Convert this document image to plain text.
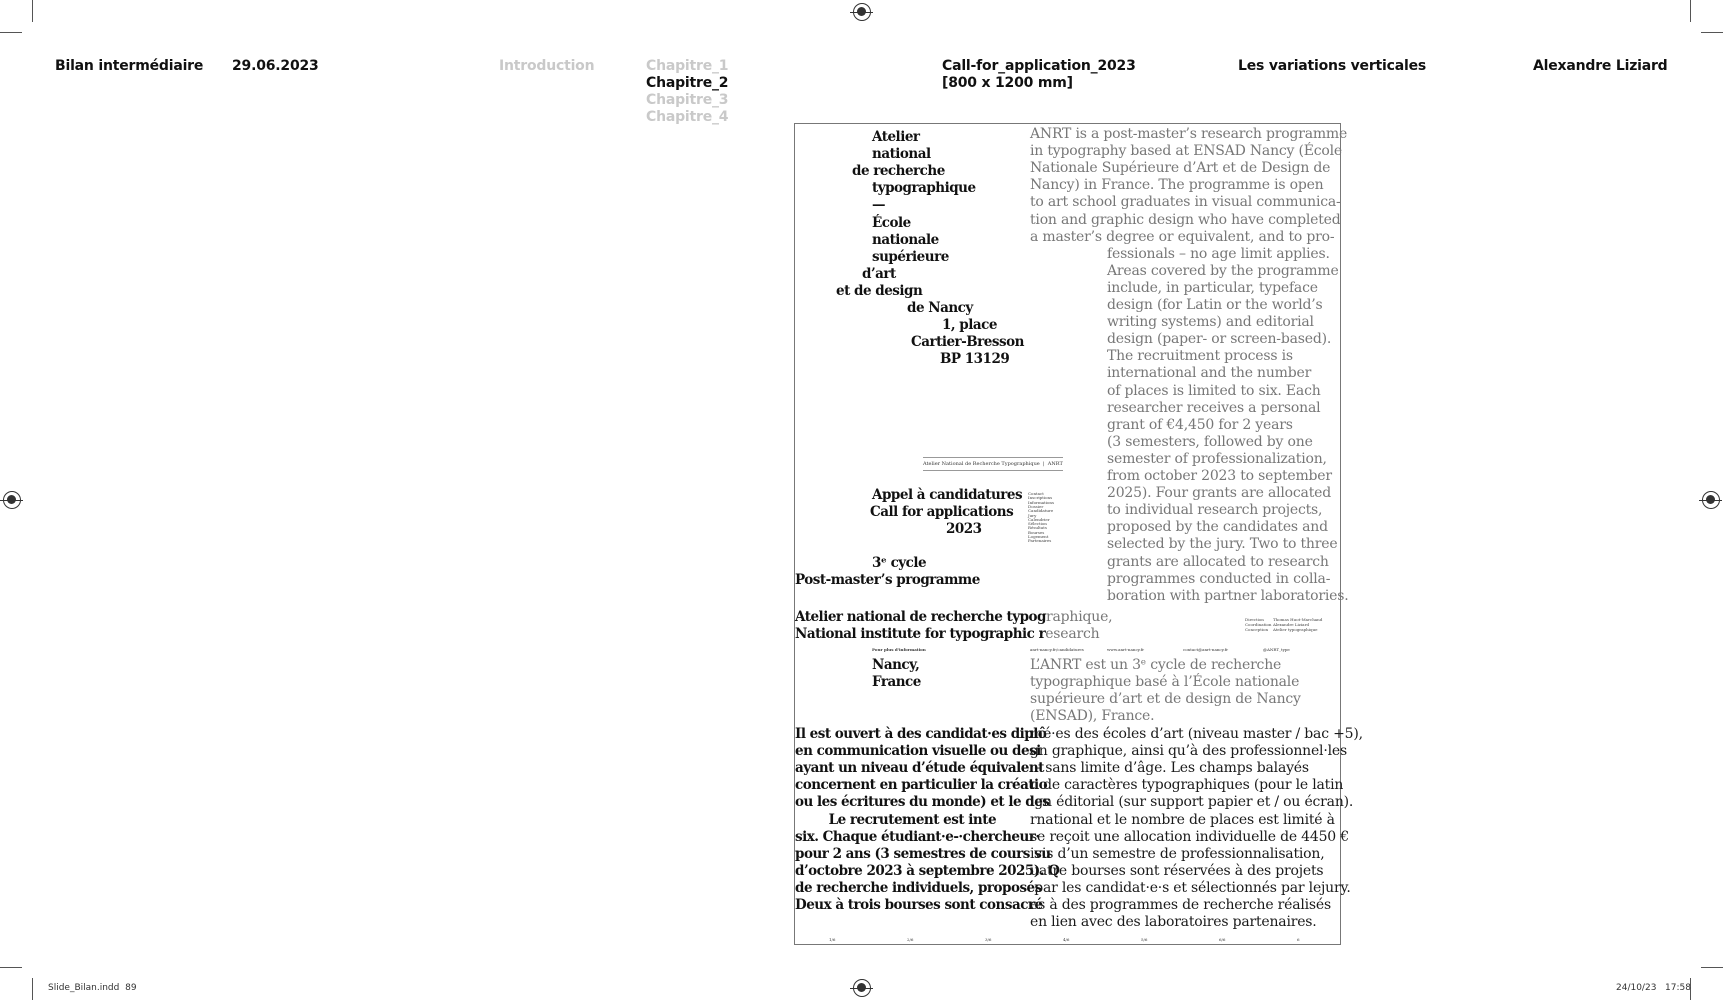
Bilan intermédiaire 29.06.2023	Introduction	Chapitre_1
Chapitre_2
Chapitre_3
Chapitre_4
Call-for_application_2023
[800 x 1200 mm]
Les variations verticales	Alexandre Liziard
Slide_Bilan.indd 89	24/10/23 17:58
Atelier
national
de recherche
typographique
—
École
nationale
supérieure
d’art
et de design
de Nancy
1, place
Cartier-Bresson
BP 13129
ANRT is a post-master’s research programme
in typography based at ENSAD Nancy (École
Nationale Supérieure d’Art et de Design de
Nancy) in France. The programme is open
to art school graduates in visual communica-
tion and graphic design who have completed
a master’s degree or equivalent, and to pro-
fessionals – no age limit applies.
Areas covered by the programme
include, in particular, typeface
design (for Latin or the world’s
writing systems) and editorial
design (paper- or screen-based).
The recruitment process is
international and the number
of places is limited to six. Each
researcher receives a personal
grant of €4,450 for 2 years
(3 semesters, followed by one
semester of professionalization,
from october 2023 to september
2025). Four grants are allocated
to individual research projects,
proposed by the candidates and
selected by the jury. Two to three
grants are allocated to research
programmes conducted in colla-
boration with partner laboratories.
Atelier National de Recherche Typographique  |  ANRT
Appel à candidatures
Call for applications
2023
Contact
Inscriptions
Informations
Dossier
Candidature
Jury
Calendrier
Sélection
Résultats
Bourses
Logement
Partenaires
3ᵉ cycle
Post-master’s programme
Atelier national de recherche typographique,
National institute for typographic research
Direction Thomas Huot-Marchand
Coordination Alexandre Liziard
Conception Atelier typographique
Pour plus d’information	anrt-nancy.fr/candidatures	www.anrt-nancy.fr	contact@anrt-nancy.fr	@ANRT_type
Nancy,
France
L’ANRT est un 3ᵉ cycle de recherche
typographique basé à l’École nationale
supérieure d’art et de design de Nancy
(ENSAD), France.
Il est ouvert à des candidat·es diplômé·es des écoles d’art (niveau master / bac +5),
en communication visuelle ou design graphique, ainsi qu’à des professionnel·les
ayant un niveau d’étude équivalent – sans limite d’âge. Les champs balayés
concernent en particulier la création de caractères typographiques (pour le latin
ou les écritures du monde) et le design éditorial (sur support papier et / ou écran).
Le recrutement est inte rnational et le nombre de places est limité à
six. Chaque étudiant·e-·chercheur·se reçoit une allocation individuelle de 4450 €
pour 2 ans (3 semestres de cours suivis d’un semestre de professionnalisation,
d’octobre 2023 à septembre 2025). Quatre bourses sont réservées à des projets
de recherche individuels, proposés par les candidat·e·s et sélectionnés par lejury.
Deux à trois bourses sont consacrées à des programmes de recherche réalisés
en lien avec des laboratoires partenaires.
1/6	2/6	3/6	4/6	5/6	6/6	6
